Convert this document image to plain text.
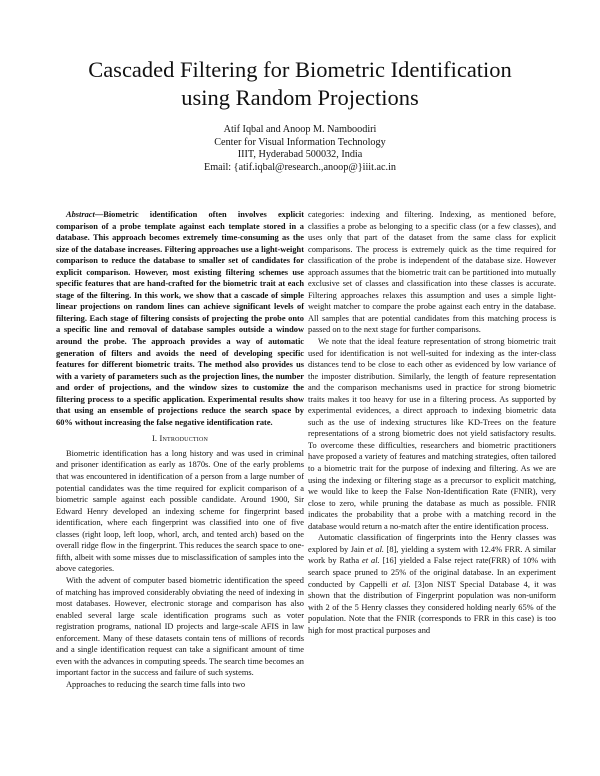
Cascaded Filtering for Biometric Identification
using Random Projections
Atif Iqbal and Anoop M. Namboodiri
Center for Visual Information Technology
IIIT, Hyderabad 500032, India
Email: {atif.iqbal@research.,anoop@}iiit.ac.in

Abstract—Biometric identification often involves explicit comparison of a probe template against each template stored in a database. This approach becomes extremely time-consuming as the size of the database increases. Filtering approaches use a light-weight comparison to reduce the database to smaller set of candidates for explicit comparison. However, most existing filtering schemes use specific features that are hand-crafted for the biometric trait at each stage of the filtering. In this work, we show that a cascade of simple linear projections on random lines can achieve significant levels of filtering. Each stage of filtering consists of projecting the probe onto a specific line and removal of database samples outside a window around the probe. The approach provides a way of automatic generation of filters and avoids the need of developing specific features for different biometric traits. The method also provides us with a variety of parameters such as the projection lines, the number and order of projections, and the window sizes to customize the filtering process to a specific application. Experimental results show that using an ensemble of projections reduce the search space by 60% without increasing the false negative identification rate.

I. Introduction

Biometric identification has a long history and was used in criminal and prisoner identification as early as 1870s. One of the early problems that was encountered in identification of a person from a large number of potential candidates was the time required for explicit comparison of a biometric sample against each possible candidate. Around 1900, Sir Edward Henry developed an indexing scheme for fingerprint based identification, where each fingerprint was classified into one of five classes (right loop, left loop, whorl, arch, and tented arch) based on the overall ridge flow in the fingerprint. This reduces the search space to one-fifth, albeit with some misses due to misclassification of samples into the above categories.

With the advent of computer based biometric identification the speed of matching has improved considerably obviating the need of indexing in most databases. However, electronic storage and comparison has also enabled several large scale identification programs such as voter registration programs, national ID projects and large-scale AFIS in law enforcement. Many of these datasets contain tens of millions of records and a single identification request can take a significant amount of time even with the advances in computing speeds. The search time becomes an important factor in the success and failure of such systems.

Approaches to reducing the search time falls into two

categories: indexing and filtering. Indexing, as mentioned before, classifies a probe as belonging to a specific class (or a few classes), and uses only that part of the dataset from the same class for explicit comparisons. The process is extremely quick as the time required for classification of the probe is independent of the database size. However approach assumes that the biometric trait can be partitioned into mutually exclusive set of classes and classification into these classes is accurate. Filtering approaches relaxes this assumption and uses a simple light-weight matcher to compare the probe against each entry in the database. All samples that are potential candidates from this matching process is passed on to the next stage for further comparisons.

We note that the ideal feature representation of strong biometric trait used for identification is not well-suited for indexing as the inter-class distances tend to be close to each other as evidenced by low variance of the imposter distribution. Similarly, the length of feature representation and the comparison mechanisms used in practice for strong biometric traits makes it too heavy for use in a filtering process. As supported by experimental evidences, a direct approach to indexing biometric data such as the use of indexing structures like KD-Trees on the feature representations of a strong biometric does not yield satisfactory results. To overcome these difficulties, researchers and biometric practitioners have proposed a variety of features and matching strategies, often tailored to a biometric trait for the purpose of indexing and filtering. As we are using the indexing or filtering stage as a precursor to explicit matching, we would like to keep the False Non-Identification Rate (FNIR), very close to zero, while pruning the database as much as possible. FNIR indicates the probability that a probe with a matching record in the database would return a no-match after the entire identification process.

Automatic classification of fingerprints into the Henry classes was explored by Jain et al. [8], yielding a system with 12.4% FRR. A similar work by Ratha et al. [16] yielded a False reject rate(FRR) of 10% with search space pruned to 25% of the original database. In an experiment conducted by Cappelli et al. [3]on NIST Special Database 4, it was shown that the distribution of Fingerprint population was non-uniform with 2 of the 5 Henry classes they considered holding nearly 65% of the population. Note that the FNIR (corresponds to FRR in this case) is too high for most practical purposes and
